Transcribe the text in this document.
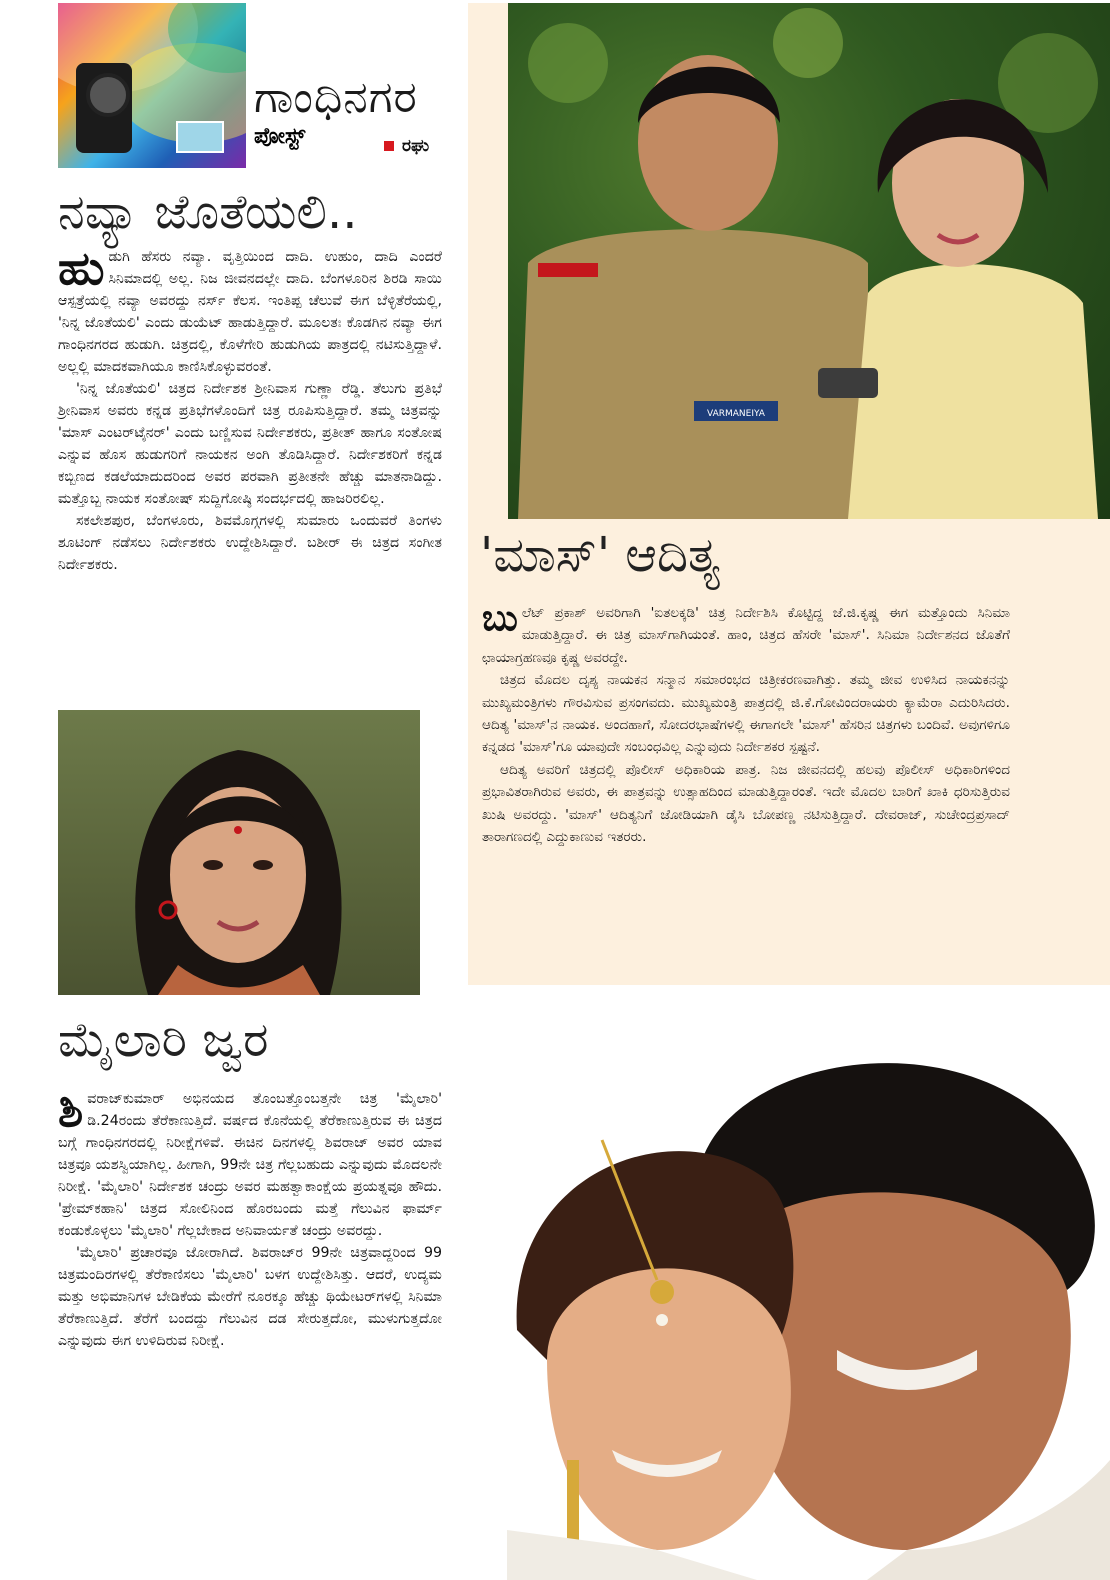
ಗಾಂಧಿನಗರ
ಪೋಸ್ಟ್	ರಘು
ನವ್ಯಾ ಜೊತೆಯಲಿ..

ಹುಡುಗಿ ಹೆಸರು ನವ್ಯಾ. ವೃತ್ತಿಯಿಂದ ದಾದಿ. ಉಹುಂ, ದಾದಿ ಎಂದರೆ ಸಿನಿಮಾದಲ್ಲಿ ಅಲ್ಲ. ನಿಜ ಜೀವನದಲ್ಲೇ ದಾದಿ. ಬೆಂಗಳೂರಿನ ಶಿರಡಿ ಸಾಯಿ ಆಸ್ಪತ್ರೆಯಲ್ಲಿ ನವ್ಯಾ ಅವರದ್ದು ನರ್ಸ್ ಕೆಲಸ. ಇಂತಿಪ್ಪ ಚೆಲುವೆ ಈಗ ಬೆಳ್ಳಿತೆರೆಯಲ್ಲಿ, 'ನಿನ್ನ ಜೊತೆಯಲಿ' ಎಂದು ಡುಯೆಟ್ ಹಾಡುತ್ತಿದ್ದಾರೆ. ಮೂಲತಃ ಕೊಡಗಿನ ನವ್ಯಾ ಈಗ ಗಾಂಧಿನಗರದ ಹುಡುಗಿ. ಚಿತ್ರದಲ್ಲಿ, ಕೊಳೆಗೇರಿ ಹುಡುಗಿಯ ಪಾತ್ರದಲ್ಲಿ ನಟಿಸುತ್ತಿದ್ದಾಳೆ. ಅಲ್ಲಲ್ಲಿ ಮಾದಕವಾಗಿಯೂ ಕಾಣಿಸಿಕೊಳ್ಳುವರಂತೆ.

'ನಿನ್ನ ಜೊತೆಯಲಿ' ಚಿತ್ರದ ನಿರ್ದೇಶಕ ಶ್ರೀನಿವಾಸ ಗುಣ್ಣಾ ರೆಡ್ಡಿ. ತೆಲುಗು ಪ್ರತಿಭೆ ಶ್ರೀನಿವಾಸ ಅವರು ಕನ್ನಡ ಪ್ರತಿಭೆಗಳೊಂದಿಗೆ ಚಿತ್ರ ರೂಪಿಸುತ್ತಿದ್ದಾರೆ. ತಮ್ಮ ಚಿತ್ರವನ್ನು 'ಮಾಸ್ ಎಂಟರ್‌ಟೈನರ್' ಎಂದು ಬಣ್ಣಿಸುವ ನಿರ್ದೇಶಕರು, ಪ್ರತೀತ್ ಹಾಗೂ ಸಂತೋಷ ಎನ್ನುವ ಹೊಸ ಹುಡುಗರಿಗೆ ನಾಯಕನ ಅಂಗಿ ತೊಡಿಸಿದ್ದಾರೆ. ನಿರ್ದೇಶಕರಿಗೆ ಕನ್ನಡ ಕಬ್ಬಿಣದ ಕಡಲೆಯಾದುದರಿಂದ ಅವರ ಪರವಾಗಿ ಪ್ರತೀತನೇ ಹೆಚ್ಚು ಮಾತನಾಡಿದ್ದು. ಮತ್ತೊಬ್ಬ ನಾಯಕ ಸಂತೋಷ್ ಸುದ್ದಿಗೋಷ್ಠಿ ಸಂದರ್ಭದಲ್ಲಿ ಹಾಜರಿರಲಿಲ್ಲ.

ಸಕಲೇಶಪುರ, ಬೆಂಗಳೂರು, ಶಿವಮೊಗ್ಗಗಳಲ್ಲಿ ಸುಮಾರು ಒಂದುವರೆ ತಿಂಗಳು ಶೂಟಿಂಗ್ ನಡೆಸಲು ನಿರ್ದೇಶಕರು ಉದ್ದೇಶಿಸಿದ್ದಾರೆ. ಬಶೀರ್ ಈ ಚಿತ್ರದ ಸಂಗೀತ ನಿರ್ದೇಶಕರು.

VARMANEIYA
'ಮಾಸ್' ಆದಿತ್ಯ

ಬುಲೆಟ್ ಪ್ರಕಾಶ್ ಅವರಿಗಾಗಿ 'ಐತಲಕ್ಕಡಿ' ಚಿತ್ರ ನಿರ್ದೇಶಿಸಿ ಕೊಟ್ಟಿದ್ದ ಜೆ.ಜಿ.ಕೃಷ್ಣ ಈಗ ಮತ್ತೊಂದು ಸಿನಿಮಾ ಮಾಡುತ್ತಿದ್ದಾರೆ. ಈ ಚಿತ್ರ ಮಾಸ್‌ಗಾಗಿಯಂತೆ. ಹಾಂ, ಚಿತ್ರದ ಹೆಸರೇ 'ಮಾಸ್'. ಸಿನಿಮಾ ನಿರ್ದೇಶನದ ಜೊತೆಗೆ ಛಾಯಾಗ್ರಹಣವೂ ಕೃಷ್ಣ ಅವರದ್ದೇ.

ಚಿತ್ರದ ಮೊದಲ ದೃಶ್ಯ ನಾಯಕನ ಸನ್ಮಾನ ಸಮಾರಂಭದ ಚಿತ್ರೀಕರಣವಾಗಿತ್ತು. ತಮ್ಮ ಜೀವ ಉಳಿಸಿದ ನಾಯಕನನ್ನು ಮುಖ್ಯಮಂತ್ರಿಗಳು ಗೌರವಿಸುವ ಪ್ರಸಂಗವದು. ಮುಖ್ಯಮಂತ್ರಿ ಪಾತ್ರದಲ್ಲಿ ಜಿ.ಕೆ.ಗೋವಿಂದರಾಯರು ಕ್ಯಾಮೆರಾ ಎದುರಿಸಿದರು. ಆದಿತ್ಯ 'ಮಾಸ್'ನ ನಾಯಕ. ಅಂದಹಾಗೆ, ಸೋದರಭಾಷೆಗಳಲ್ಲಿ ಈಗಾಗಲೇ 'ಮಾಸ್' ಹೆಸರಿನ ಚಿತ್ರಗಳು ಬಂದಿವೆ. ಅವುಗಳಿಗೂ ಕನ್ನಡದ 'ಮಾಸ್'ಗೂ ಯಾವುದೇ ಸಂಬಂಧವಿಲ್ಲ ಎನ್ನುವುದು ನಿರ್ದೇಶಕರ ಸ್ಪಷ್ಟನೆ.

ಆದಿತ್ಯ ಅವರಿಗೆ ಚಿತ್ರದಲ್ಲಿ ಪೊಲೀಸ್ ಅಧಿಕಾರಿಯ ಪಾತ್ರ. ನಿಜ ಜೀವನದಲ್ಲಿ ಹಲವು ಪೊಲೀಸ್ ಅಧಿಕಾರಿಗಳಿಂದ ಪ್ರಭಾವಿತರಾಗಿರುವ ಅವರು, ಈ ಪಾತ್ರವನ್ನು ಉತ್ಸಾಹದಿಂದ ಮಾಡುತ್ತಿದ್ದಾರಂತೆ. ಇದೇ ಮೊದಲ ಬಾರಿಗೆ ಖಾಕಿ ಧರಿಸುತ್ತಿರುವ ಖುಷಿ ಅವರದ್ದು. 'ಮಾಸ್' ಆದಿತ್ಯನಿಗೆ ಜೋಡಿಯಾಗಿ ಡೈಸಿ ಬೋಪಣ್ಣ ನಟಿಸುತ್ತಿದ್ದಾರೆ. ದೇವರಾಜ್, ಸುಚೇಂದ್ರಪ್ರಸಾದ್ ತಾರಾಗಣದಲ್ಲಿ ಎದ್ದುಕಾಣುವ ಇತರರು.

ಮೈಲಾರಿ ಜ್ವರ

ಶಿವರಾಜ್‌ಕುಮಾರ್ ಅಭಿನಯದ ತೊಂಬತ್ತೊಂಬತ್ತನೇ ಚಿತ್ರ 'ಮೈಲಾರಿ' ಡಿ.24ರಂದು ತೆರೆಕಾಣುತ್ತಿದೆ. ವರ್ಷದ ಕೊನೆಯಲ್ಲಿ ತೆರೆಕಾಣುತ್ತಿರುವ ಈ ಚಿತ್ರದ ಬಗ್ಗೆ ಗಾಂಧಿನಗರದಲ್ಲಿ ನಿರೀಕ್ಷೆಗಳಿವೆ. ಈಚಿನ ದಿನಗಳಲ್ಲಿ ಶಿವರಾಜ್ ಅವರ ಯಾವ ಚಿತ್ರವೂ ಯಶಸ್ವಿಯಾಗಿಲ್ಲ. ಹೀಗಾಗಿ, 99ನೇ ಚಿತ್ರ ಗೆಲ್ಲಬಹುದು ಎನ್ನುವುದು ಮೊದಲನೇ ನಿರೀಕ್ಷೆ. 'ಮೈಲಾರಿ' ನಿರ್ದೇಶಕ ಚಂದ್ರು ಅವರ ಮಹತ್ವಾಕಾಂಕ್ಷೆಯ ಪ್ರಯತ್ನವೂ ಹೌದು. 'ಪ್ರೇಮ್‌ಕಹಾನಿ' ಚಿತ್ರದ ಸೋಲಿನಿಂದ ಹೊರಬಂದು ಮತ್ತೆ ಗೆಲುವಿನ ಫಾರ್ಮ್ ಕಂಡುಕೊಳ್ಳಲು 'ಮೈಲಾರಿ' ಗೆಲ್ಲಬೇಕಾದ ಅನಿವಾರ್ಯತೆ ಚಂದ್ರು ಅವರದ್ದು.

'ಮೈಲಾರಿ' ಪ್ರಚಾರವೂ ಜೋರಾಗಿದೆ. ಶಿವರಾಜ್‌ರ 99ನೇ ಚಿತ್ರವಾದ್ದರಿಂದ 99 ಚಿತ್ರಮಂದಿರಗಳಲ್ಲಿ ತೆರೆಕಾಣಿಸಲು 'ಮೈಲಾರಿ' ಬಳಗ ಉದ್ದೇಶಿಸಿತ್ತು. ಆದರೆ, ಉದ್ಯಮ ಮತ್ತು ಅಭಿಮಾನಿಗಳ ಬೇಡಿಕೆಯ ಮೇರೆಗೆ ನೂರಕ್ಕೂ ಹೆಚ್ಚು ಥಿಯೇಟರ್‌ಗಳಲ್ಲಿ ಸಿನಿಮಾ ತೆರೆಕಾಣುತ್ತಿದೆ. ತೆರೆಗೆ ಬಂದದ್ದು ಗೆಲುವಿನ ದಡ ಸೇರುತ್ತದೋ, ಮುಳುಗುತ್ತದೋ ಎನ್ನುವುದು ಈಗ ಉಳಿದಿರುವ ನಿರೀಕ್ಷೆ.
